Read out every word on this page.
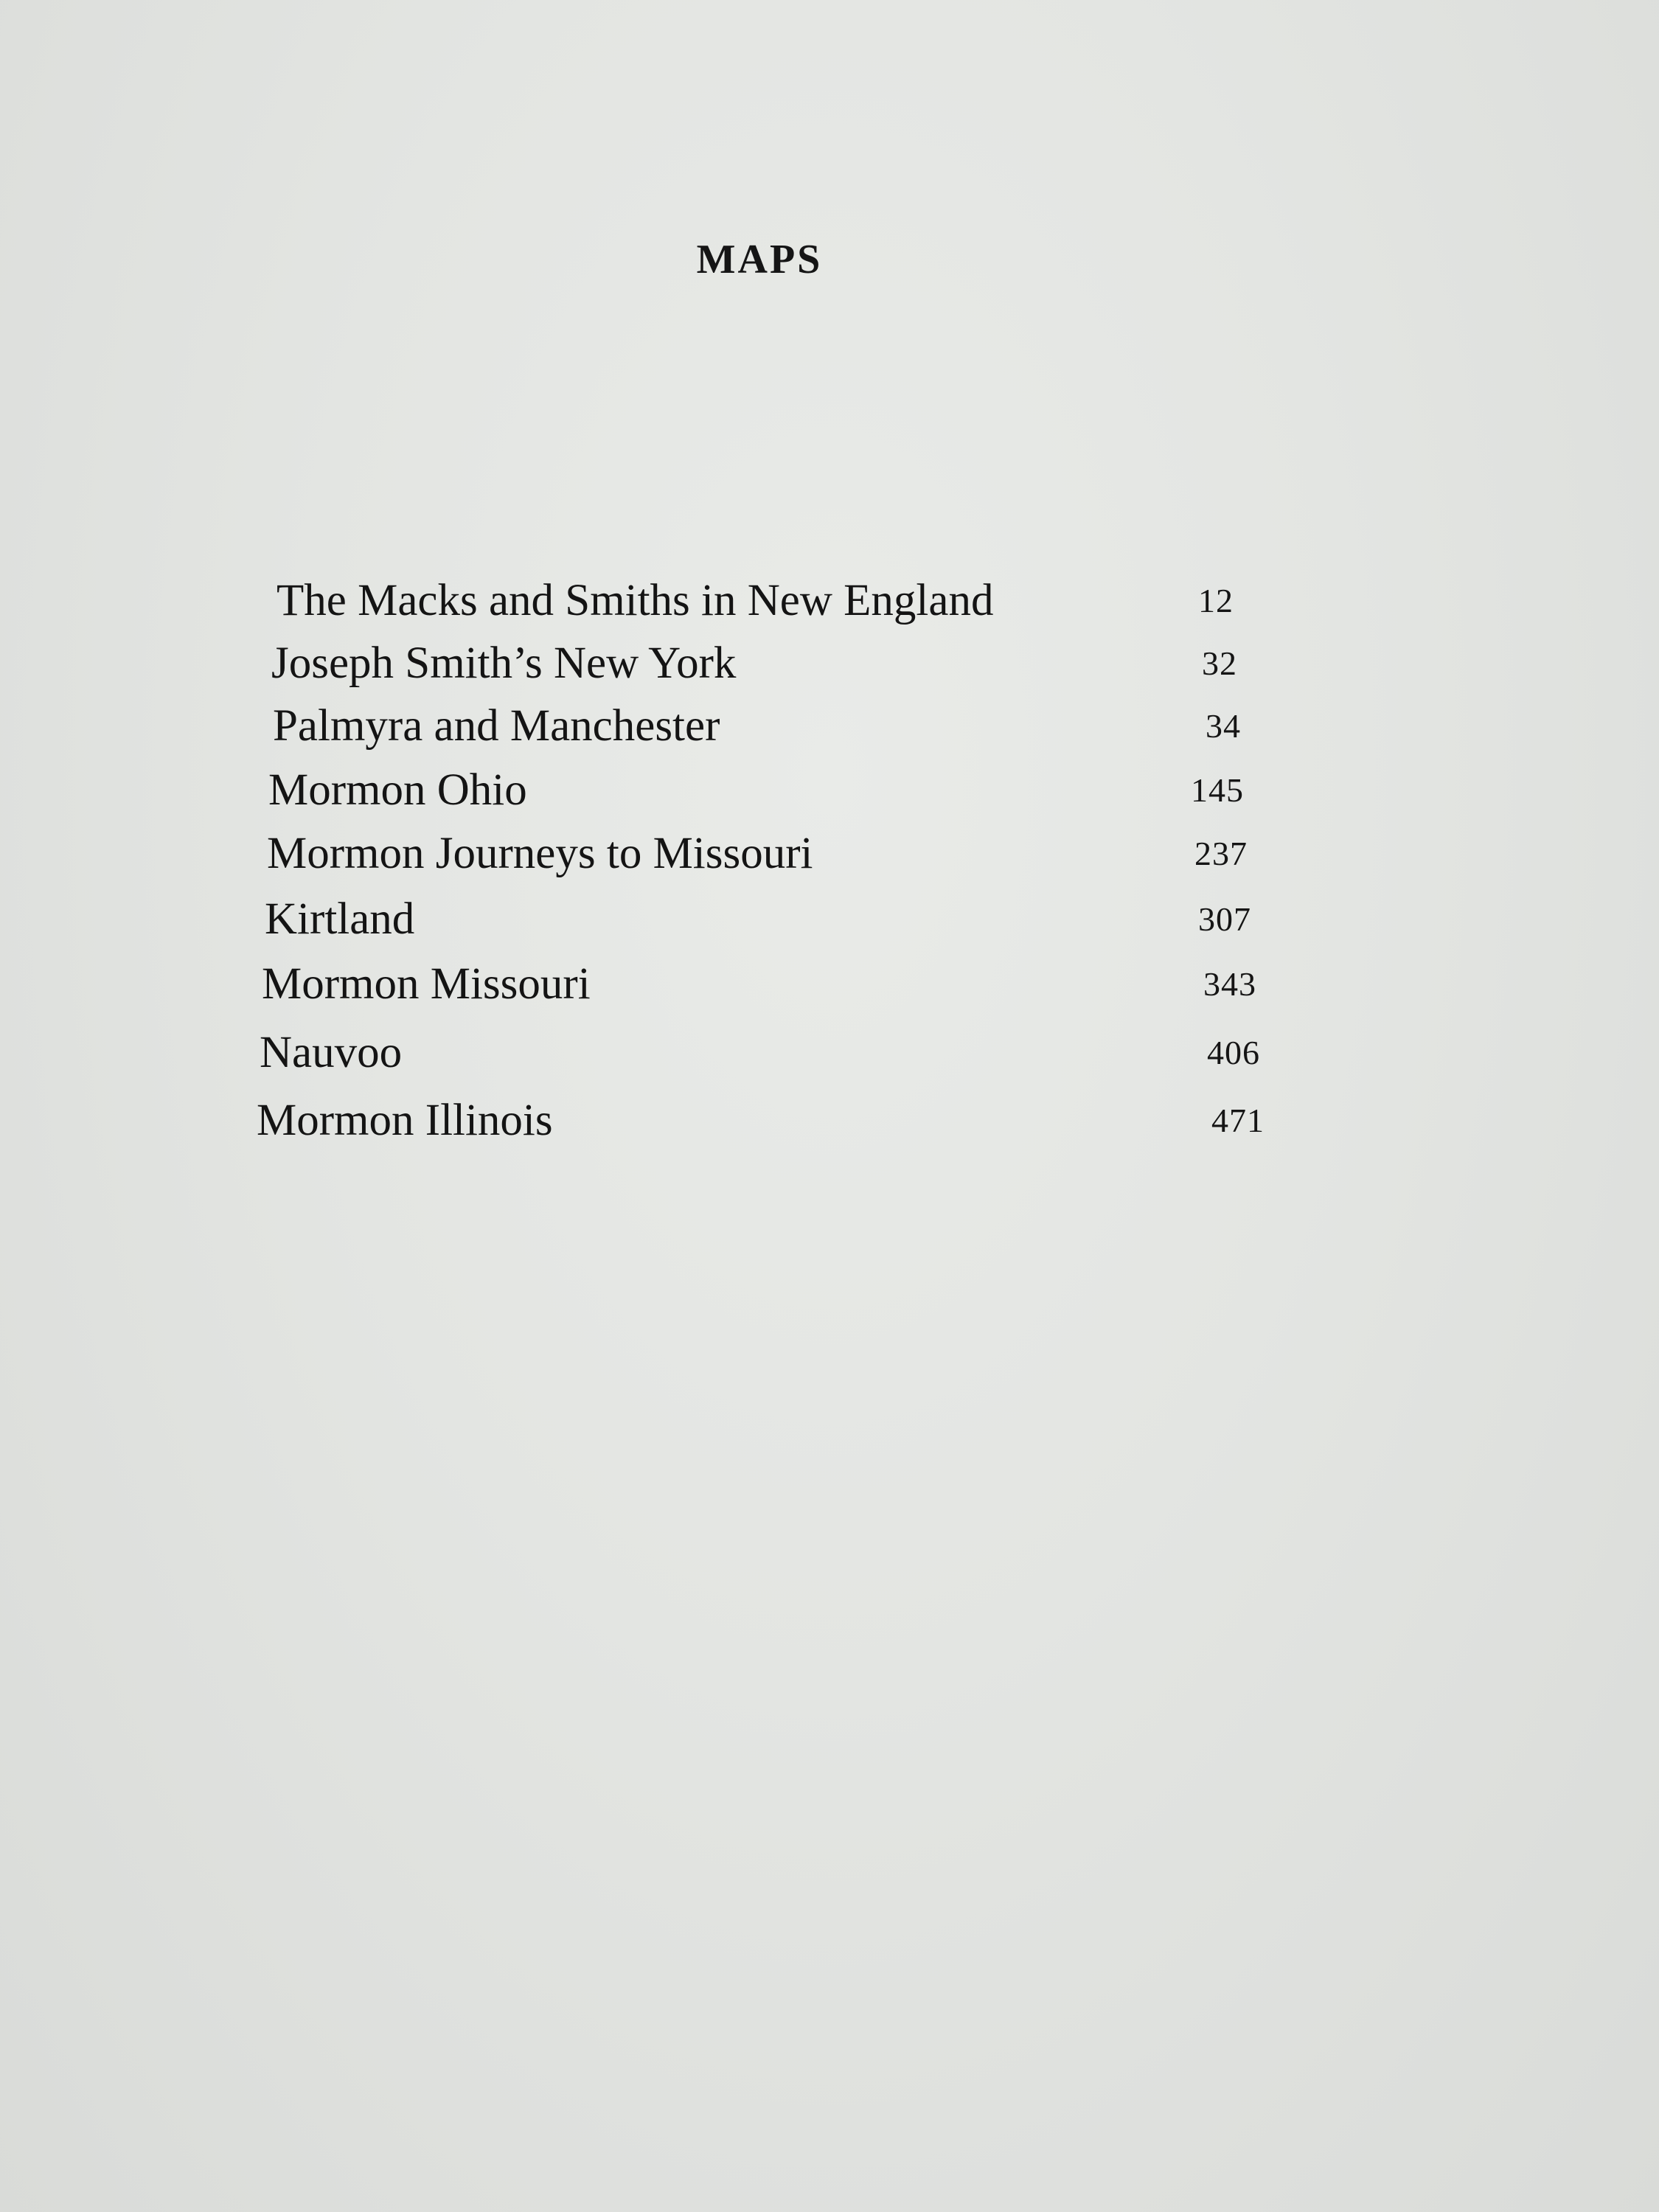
MAPS
The Macks and Smiths in New England	12
Joseph Smith’s New York	32
Palmyra and Manchester	34
Mormon Ohio	145
Mormon Journeys to Missouri	237
Kirtland	307
Mormon Missouri	343
Nauvoo	406
Mormon Illinois	471
